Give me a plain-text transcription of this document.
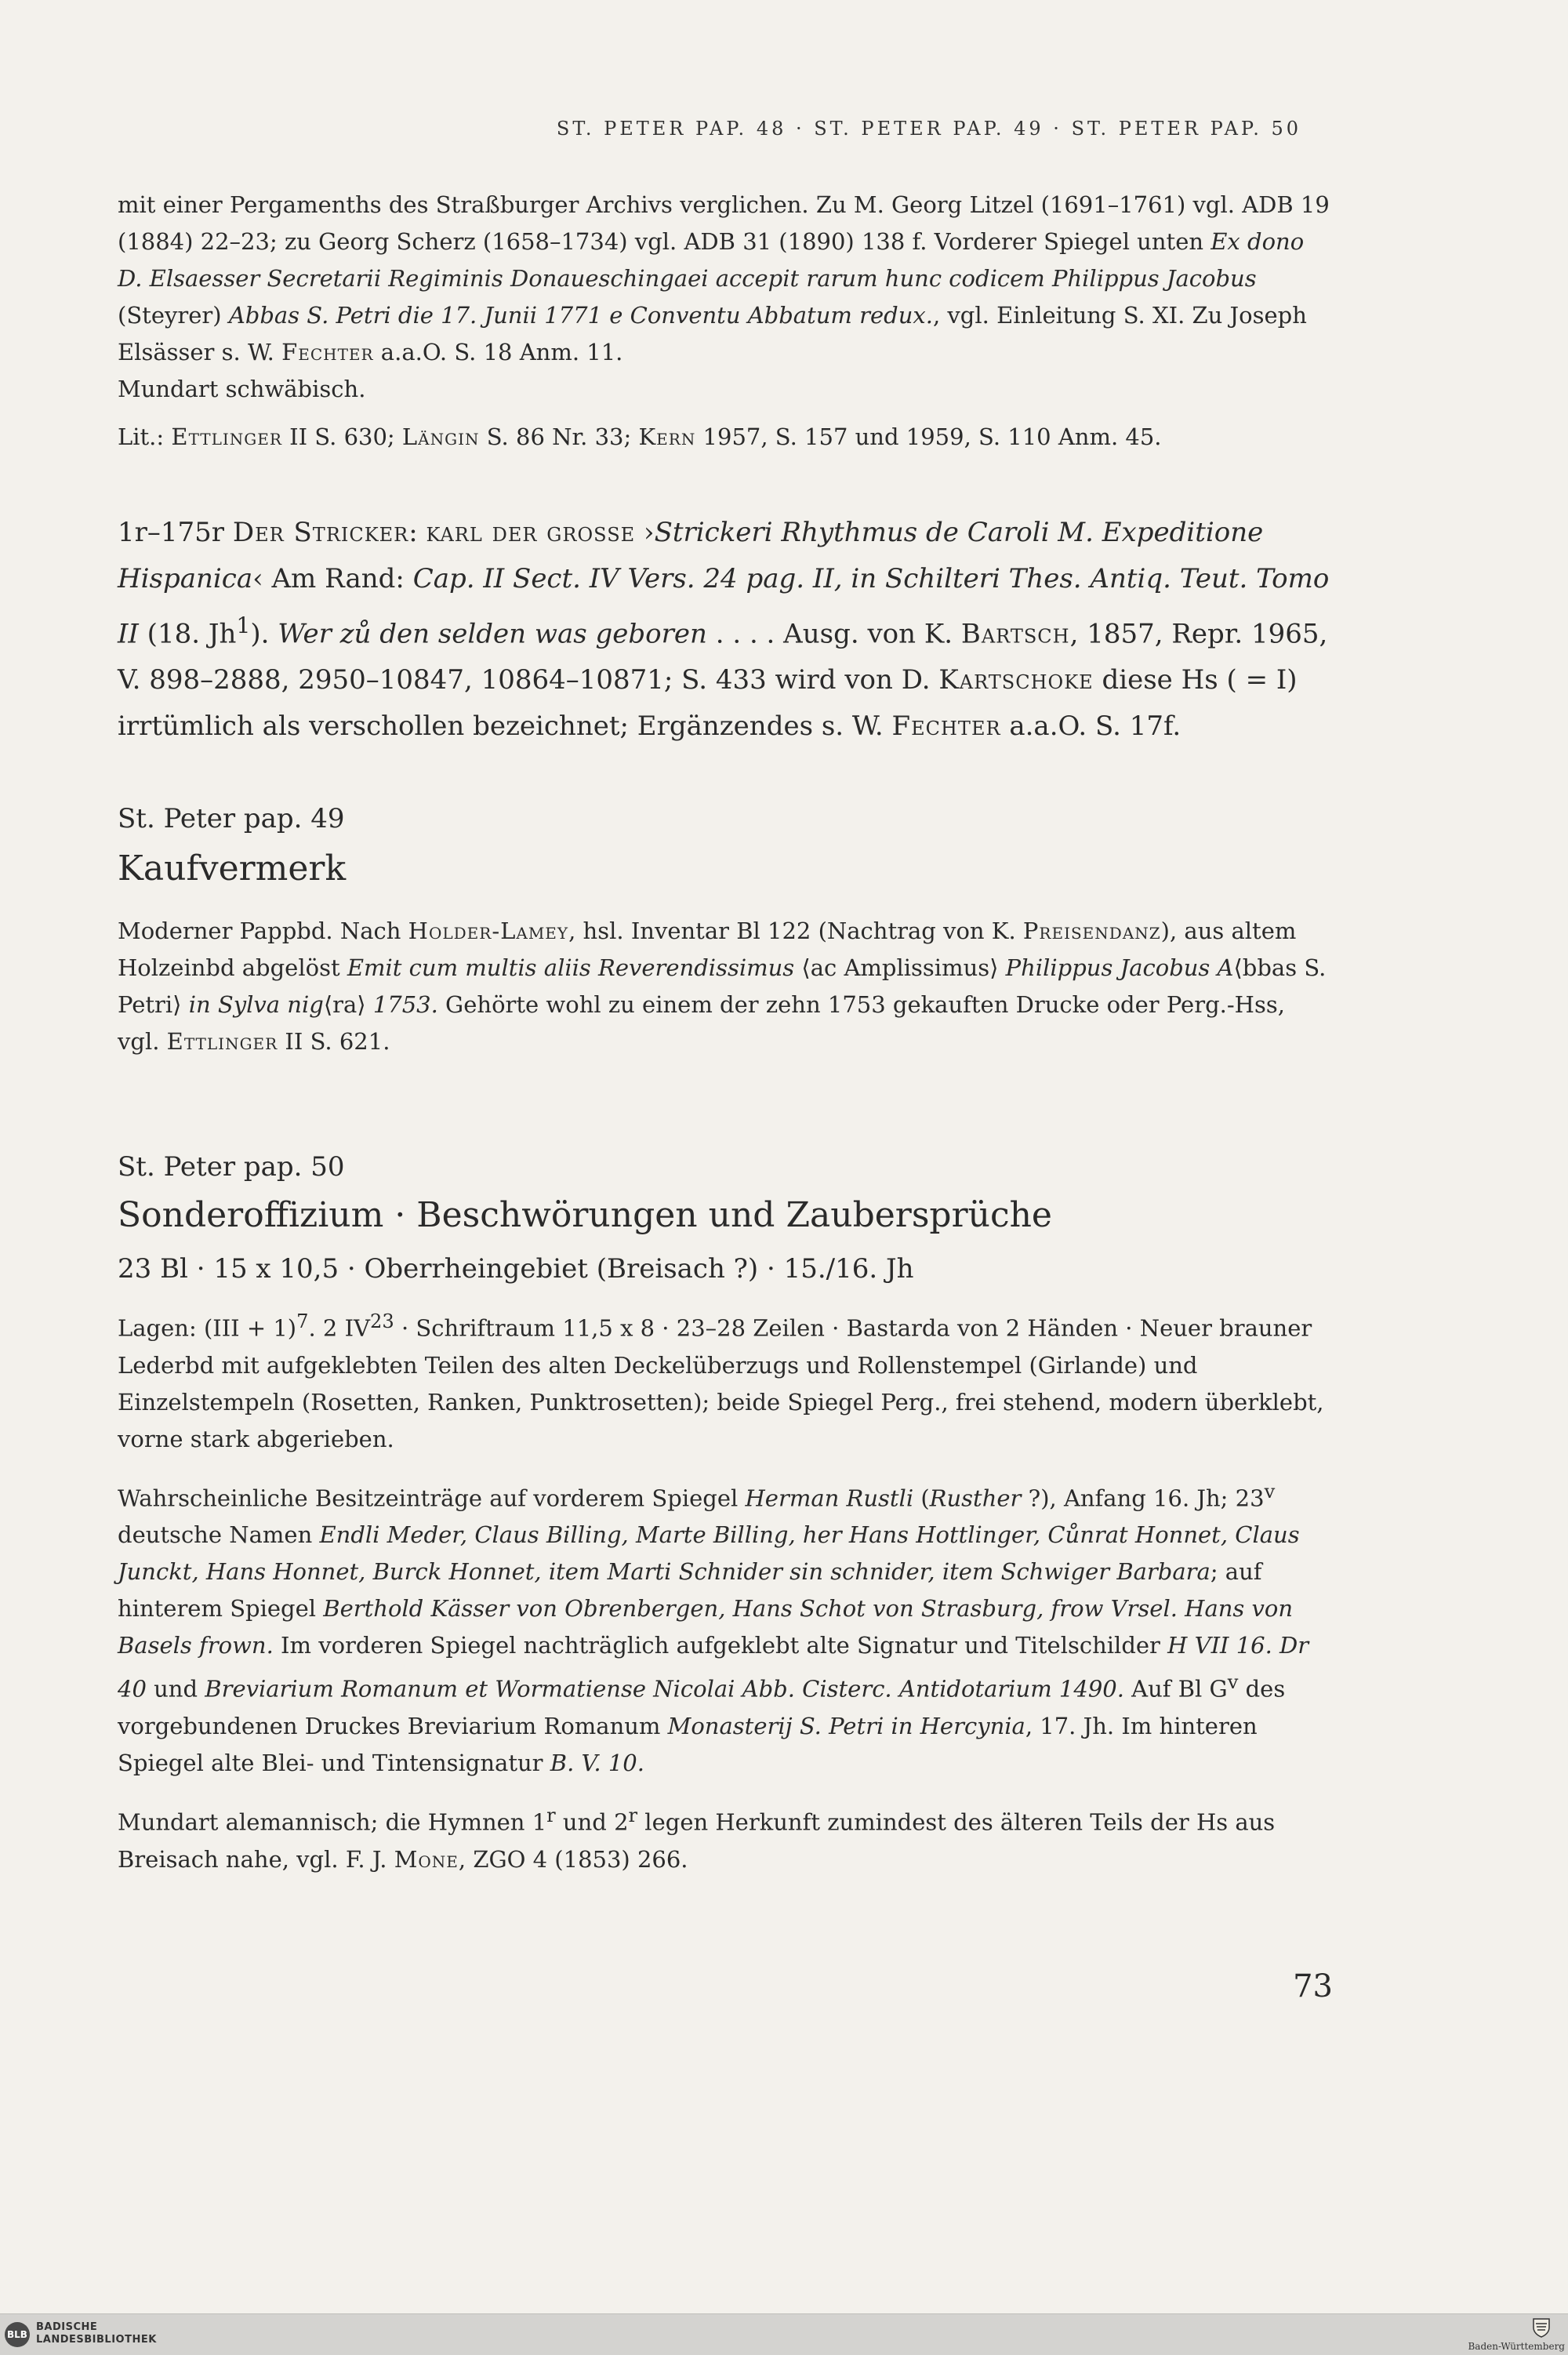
ST. PETER PAP. 48 · ST. PETER PAP. 49 · ST. PETER PAP. 50

mit einer Pergamenths des Straßburger Archivs verglichen. Zu M. Georg Litzel (1691–1761) vgl. ADB 19 (1884) 22–23; zu Georg Scherz (1658–1734) vgl. ADB 31 (1890) 138 f. Vorderer Spiegel unten Ex dono D. Elsaesser Secretarii Regiminis Donaueschingaei accepit rarum hunc codicem Philippus Jacobus (Steyrer) Abbas S. Petri die 17. Junii 1771 e Conventu Abbatum redux., vgl. Einleitung S. XI. Zu Joseph Elsässer s. W. Fechter a.a.O. S. 18 Anm. 11.

Mundart schwäbisch.

Lit.: Ettlinger II S. 630; Längin S. 86 Nr. 33; Kern 1957, S. 157 und 1959, S. 110 Anm. 45.

1r–175r Der Stricker: karl der grosse ›Strickeri Rhythmus de Caroli M. Expeditione Hispanica‹ Am Rand: Cap. II Sect. IV Vers. 24 pag. II, in Schilteri Thes. Antiq. Teut. Tomo II (18. Jh$^1$). Wer zů den selden was geboren . . . . Ausg. von K. Bartsch, 1857, Repr. 1965, V. 898–2888, 2950–10847, 10864–10871; S. 433 wird von D. Kartschoke diese Hs ( = I) irrtümlich als verschollen bezeichnet; Ergänzendes s. W. Fechter a.a.O. S. 17f.

St. Peter pap. 49

Kaufvermerk

Moderner Pappbd. Nach Holder-Lamey, hsl. Inventar Bl 122 (Nachtrag von K. Preisendanz), aus altem Holzeinbd abgelöst Emit cum multis aliis Reverendissimus ⟨ac Amplissimus⟩ Philippus Jacobus A⟨bbas S. Petri⟩ in Sylva nig⟨ra⟩ 1753. Gehörte wohl zu einem der zehn 1753 gekauften Drucke oder Perg.-Hss, vgl. Ettlinger II S. 621.

St. Peter pap. 50

Sonderoffizium · Beschwörungen und Zaubersprüche

23 Bl · 15 x 10,5 · Oberrheingebiet (Breisach ?) · 15./16. Jh

Lagen: (III + 1)$^7$. 2 $IV^{23}$ · Schriftraum 11,5 x 8 · 23–28 Zeilen · Bastarda von 2 Händen · Neuer brauner Lederbd mit aufgeklebten Teilen des alten Deckelüberzugs und Rollenstempel (Girlande) und Einzelstempeln (Rosetten, Ranken, Punktrosetten); beide Spiegel Perg., frei stehend, modern überklebt, vorne stark abgerieben.

Wahrscheinliche Besitzeinträge auf vorderem Spiegel Herman Rustli (Rusther ?), Anfang 16. Jh; 23$^v$ deutsche Namen Endli Meder, Claus Billing, Marte Billing, her Hans Hottlinger, Cůnrat Honnet, Claus Junckt, Hans Honnet, Burck Honnet, item Marti Schnider sin schnider, item Schwiger Barbara; auf hinterem Spiegel Berthold Kässer von Obrenbergen, Hans Schot von Strasburg, frow Vrsel. Hans von Basels frown. Im vorderen Spiegel nachträglich aufgeklebt alte Signatur und Titelschilder H VII 16. Dr 40 und Breviarium Romanum et Wormatiense Nicolai Abb. Cisterc. Antidotarium 1490. Auf Bl $G^v$ des vorgebundenen Druckes Breviarium Romanum Monasterij S. Petri in Hercynia, 17. Jh. Im hinteren Spiegel alte Blei- und Tintensignatur B. V. 10.

Mundart alemannisch; die Hymnen 1$^r$ und 2$^r$ legen Herkunft zumindest des älteren Teils der Hs aus Breisach nahe, vgl. F. J. Mone, ZGO 4 (1853) 266.

73
BLB
BADISCHE
LANDESBIBLIOTHEK
Baden-Württemberg
